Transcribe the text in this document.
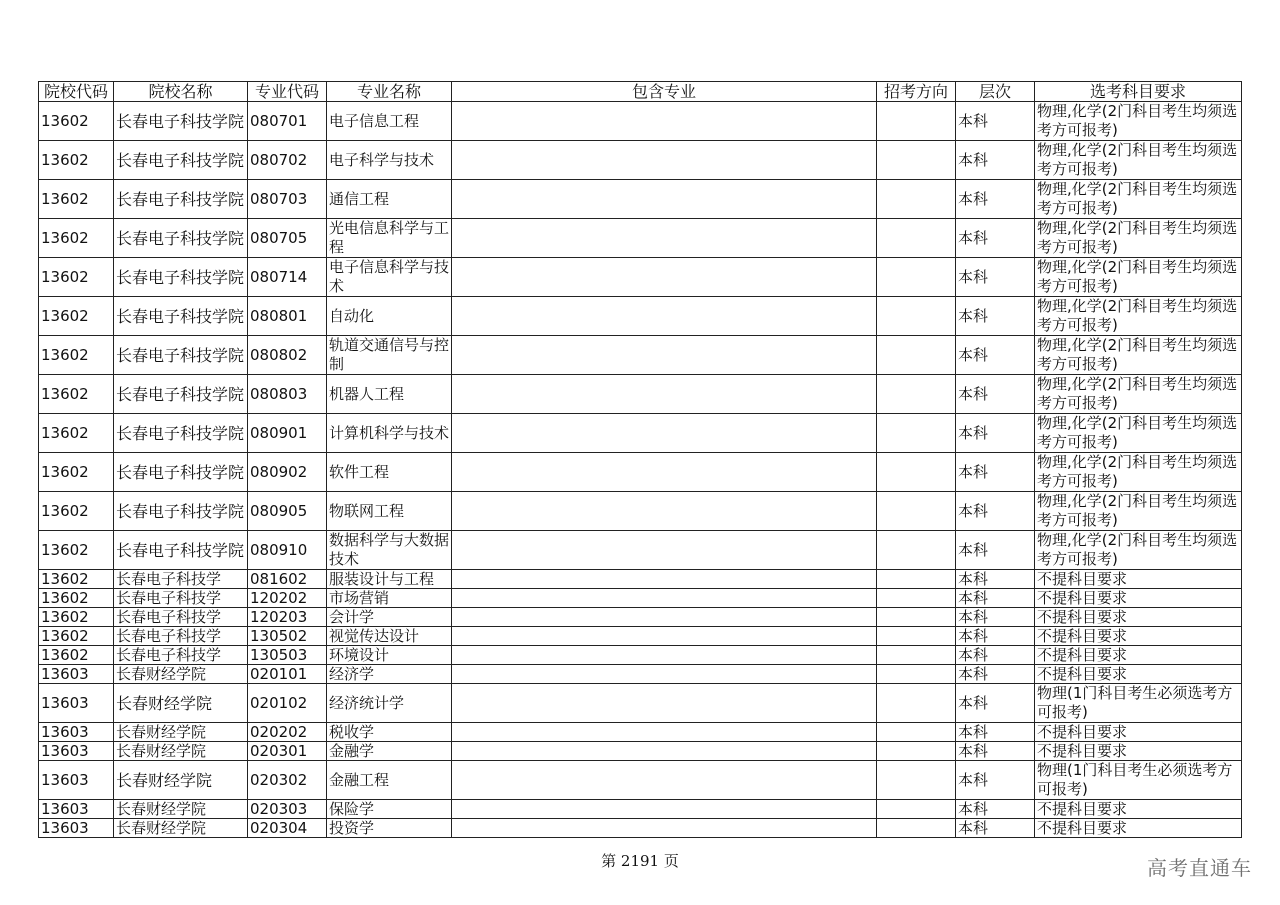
院校代码	院校名称	专业代码	专业名称	包含专业	招考方向	层次	选考科目要求
13602	长春电子科技学院	080701	电子信息工程			本科	物理,化学(2门科目考生均须选考方可报考)
13602	长春电子科技学院	080702	电子科学与技术			本科	物理,化学(2门科目考生均须选考方可报考)
13602	长春电子科技学院	080703	通信工程			本科	物理,化学(2门科目考生均须选考方可报考)
13602	长春电子科技学院	080705	光电信息科学与工程			本科	物理,化学(2门科目考生均须选考方可报考)
13602	长春电子科技学院	080714	电子信息科学与技术			本科	物理,化学(2门科目考生均须选考方可报考)
13602	长春电子科技学院	080801	自动化			本科	物理,化学(2门科目考生均须选考方可报考)
13602	长春电子科技学院	080802	轨道交通信号与控制			本科	物理,化学(2门科目考生均须选考方可报考)
13602	长春电子科技学院	080803	机器人工程			本科	物理,化学(2门科目考生均须选考方可报考)
13602	长春电子科技学院	080901	计算机科学与技术			本科	物理,化学(2门科目考生均须选考方可报考)
13602	长春电子科技学院	080902	软件工程			本科	物理,化学(2门科目考生均须选考方可报考)
13602	长春电子科技学院	080905	物联网工程			本科	物理,化学(2门科目考生均须选考方可报考)
13602	长春电子科技学院	080910	数据科学与大数据技术			本科	物理,化学(2门科目考生均须选考方可报考)
13602	长春电子科技学	081602	服装设计与工程			本科	不提科目要求
13602	长春电子科技学	120202	市场营销			本科	不提科目要求
13602	长春电子科技学	120203	会计学			本科	不提科目要求
13602	长春电子科技学	130502	视觉传达设计			本科	不提科目要求
13602	长春电子科技学	130503	环境设计			本科	不提科目要求
13603	长春财经学院	020101	经济学			本科	不提科目要求
13603	长春财经学院	020102	经济统计学			本科	物理(1门科目考生必须选考方可报考)
13603	长春财经学院	020202	税收学			本科	不提科目要求
13603	长春财经学院	020301	金融学			本科	不提科目要求
13603	长春财经学院	020302	金融工程			本科	物理(1门科目考生必须选考方可报考)
13603	长春财经学院	020303	保险学			本科	不提科目要求
13603	长春财经学院	020304	投资学			本科	不提科目要求
第 2191 页	高考直通车
